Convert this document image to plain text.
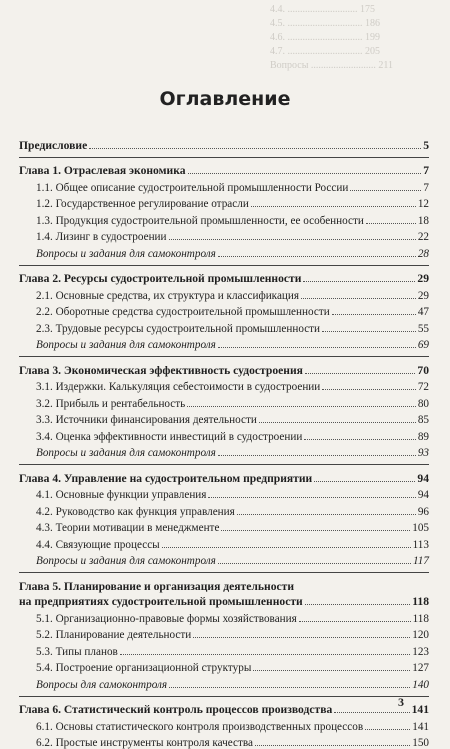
4.4. ............................ 175
4.5. .............................. 186
4.6. .............................. 199
4.7. .............................. 205
Вопросы .......................... 211
Оглавление
Предисловие	5
Глава 1. Отраслевая экономика	7
1.1. Общее описание судостроительной промышленности России	7
1.2. Государственное регулирование отрасли	12
1.3. Продукция судостроительной промышленности, ее особенности	18
1.4. Лизинг в судостроении	22
Вопросы и задания для самоконтроля	28
Глава 2. Ресурсы судостроительной промышленности	29
2.1. Основные средства, их структура и классификация	29
2.2. Оборотные средства судостроительной промышленности	47
2.3. Трудовые ресурсы судостроительной промышленности	55
Вопросы и задания для самоконтроля	69
Глава 3. Экономическая эффективность судостроения	70
3.1. Издержки. Калькуляция себестоимости в судостроении	72
3.2. Прибыль и рентабельность	80
3.3. Источники финансирования деятельности	85
3.4. Оценка эффективности инвестиций в судостроении	89
Вопросы и задания для самоконтроля	93
Глава 4. Управление на судостроительном предприятии	94
4.1. Основные функции управления	94
4.2. Руководство как функция управления	96
4.3. Теории мотивации в менеджменте	105
4.4. Связующие процессы	113
Вопросы и задания для самоконтроля	117
Глава 5. Планирование и организация деятельности
на предприятиях судостроительной промышленности	118
5.1. Организационно-правовые формы хозяйствования	118
5.2. Планирование деятельности	120
5.3. Типы планов	123
5.4. Построение организационной структуры	127
Вопросы для самоконтроля	140
Глава 6. Статистический контроль процессов производства	141
6.1. Основы статистического контроля производственных процессов	141
6.2. Простые инструменты контроля качества	150
3
